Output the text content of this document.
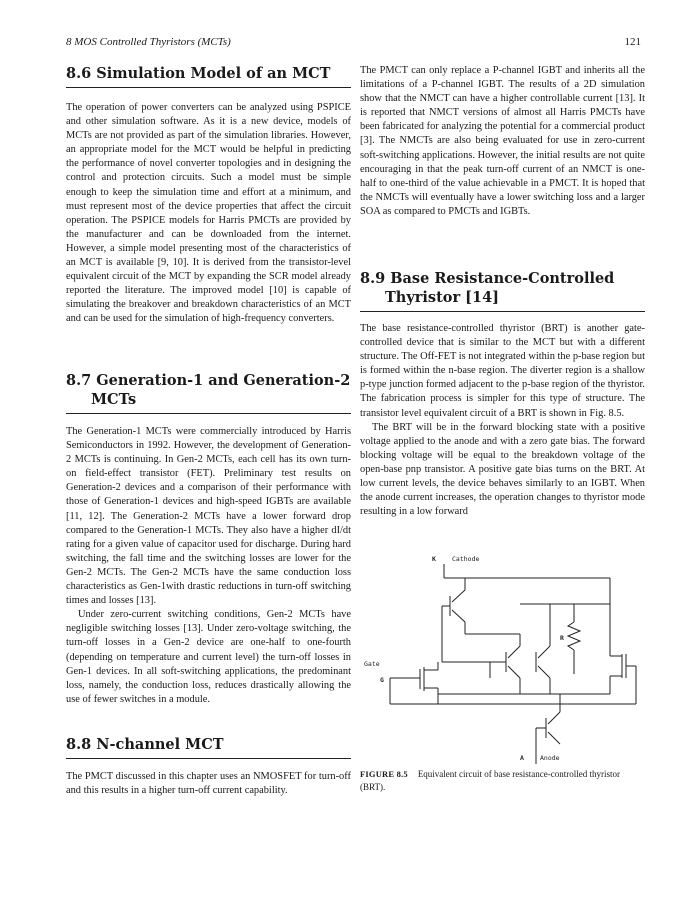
8 MOS Controlled Thyristors (MCTs)	121
8.6 Simulation Model of an MCT

The operation of power converters can be analyzed using PSPICE and other simulation software. As it is a new device, models of MCTs are not provided as part of the simulation libraries. However, an appropriate model for the MCT would be helpful in predicting the performance of novel converter topologies and in designing the control and protection circuits. Such a model must be simple enough to keep the simulation time and effort at a minimum, and must represent most of the device properties that affect the circuit operation. The PSPICE models for Harris PMCTs are provided by the manufacturer and can be downloaded from the internet. However, a simple model presenting most of the characteristics of an MCT is available [9, 10]. It is derived from the transistor-level equivalent circuit of the MCT by expanding the SCR model already reported the literature. The improved model [10] is capable of simulating the breakover and breakdown characteristics of an MCT and can be used for the simulation of high-frequency converters.

8.7 Generation-1 and Generation-2
MCTs

The Generation-1 MCTs were commercially introduced by Harris Semiconductors in 1992. However, the development of Generation-2 MCTs is continuing. In Gen-2 MCTs, each cell has its own turn-on field-effect transistor (FET). Preliminary test results on Generation-2 devices and a comparison of their performance with those of Generation-1 devices and high-speed IGBTs are available [11, 12]. The Generation-2 MCTs have a lower forward drop compared to the Generation-1 MCTs. They also have a higher dI/dt rating for a given value of capacitor used for discharge. During hard switching, the fall time and the switching losses are lower for the Gen-2 MCTs. The Gen-2 MCTs have the same conduction loss characteristics as Gen-1with drastic reductions in turn-off switching times and losses [13].

Under zero-current switching conditions, Gen-2 MCTs have negligible switching losses [13]. Under zero-voltage switching, the turn-off losses in a Gen-2 device are one-half to one-fourth (depending on temperature and current level) the turn-off losses in Gen-1 devices. In all soft-switching applications, the predominant loss, namely, the conduction loss, reduces drastically allowing the use of fewer switches in a module.

8.8 N-channel MCT

The PMCT discussed in this chapter uses an NMOSFET for turn-off and this results in a higher turn-off current capability.

The PMCT can only replace a P-channel IGBT and inherits all the limitations of a P-channel IGBT. The results of a 2D simulation show that the NMCT can have a higher controllable current [13]. It is reported that NMCT versions of almost all Harris PMCTs have been fabricated for analyzing the potential for a commercial product [3]. The NMCTs are also being evaluated for use in zero-current soft-switching applications. However, the initial results are not quite encouraging in that the peak turn-off current of an NMCT is one-half to one-third of the value achievable in a PMCT. It is hoped that the NMCTs will eventually have a lower switching loss and a larger SOA as compared to PMCTs and IGBTs.

8.9 Base Resistance-Controlled
Thyristor [14]

The base resistance-controlled thyristor (BRT) is another gate-controlled device that is similar to the MCT but with a different structure. The Off-FET is not integrated within the p-base region but is formed within the n-base region. The diverter region is a shallow p-type junction formed adjacent to the p-base region of the thyristor. The fabrication process is simpler for this type of structure. The transistor level equivalent circuit of a BRT is shown in Fig. 8.5.

The BRT will be in the forward blocking state with a positive voltage applied to the anode and with a zero gate bias. The forward blocking voltage will be equal to the breakdown voltage of the open-base pnp transistor. A positive gate bias turns on the BRT. At low current levels, the device behaves similarly to an IGBT. When the anode current increases, the operation changes to thyristor mode resulting in a low forward

K Cathode
R
Gate
G
A Anode
FIGURE 8.5 Equivalent circuit of base resistance-controlled thyristor (BRT).
